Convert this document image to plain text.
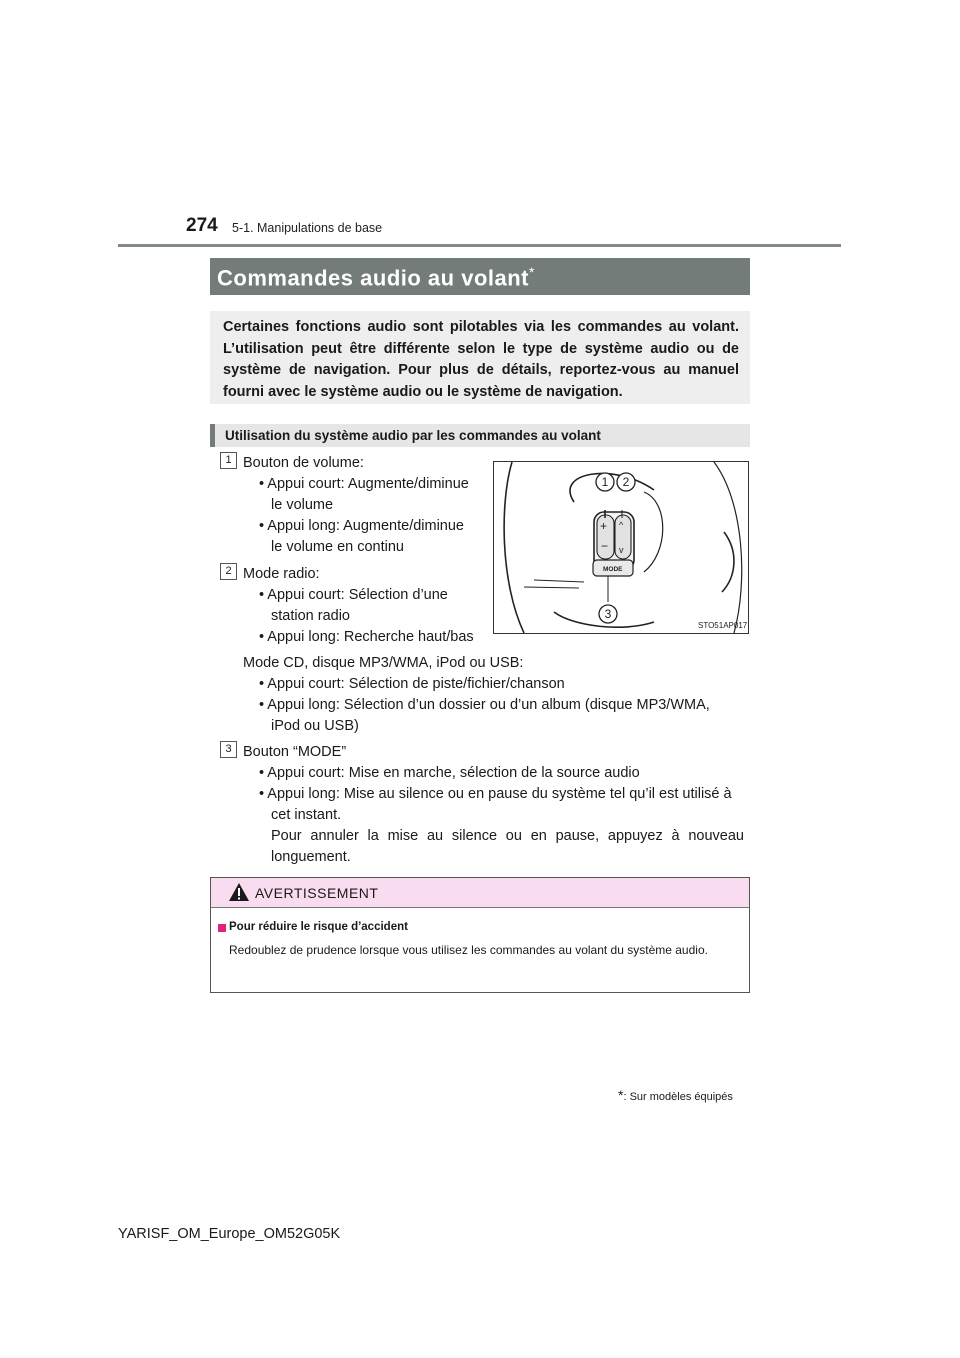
274 5-1. Manipulations de base
Commandes audio au volant*

Certaines fonctions audio sont pilotables via les commandes au volant. L’utilisation peut être différente selon le type de système audio ou de système de navigation. Pour plus de détails, reportez-vous au manuel fourni avec le système audio ou le système de navigation.

Utilisation du système audio par les commandes au volant
1 Bouton de volume:
• Appui court: Augmente/diminue
le volume
• Appui long: Augmente/diminue
le volume en continu
2 Mode radio:
• Appui court: Sélection d’une
station radio
• Appui long: Recherche haut/bas
Mode CD, disque MP3/WMA, iPod ou USB:
• Appui court: Sélection de piste/fichier/chanson
• Appui long: Sélection d’un dossier ou d’un album (disque MP3/WMA,
iPod ou USB)
3 Bouton “MODE”
• Appui court: Mise en marche, sélection de la source audio
• Appui long: Mise au silence ou en pause du système tel qu’il est utilisé à
cet instant.
Pour annuler la mise au silence ou en pause, appuyez à nouveau
longuement.
+
−
^
v
MODE
1 2
3
STO51AP017
AVERTISSEMENT
Pour réduire le risque d’accident
Redoublez de prudence lorsque vous utilisez les commandes au volant du système audio.
*: Sur modèles équipés
YARISF_OM_Europe_OM52G05K
